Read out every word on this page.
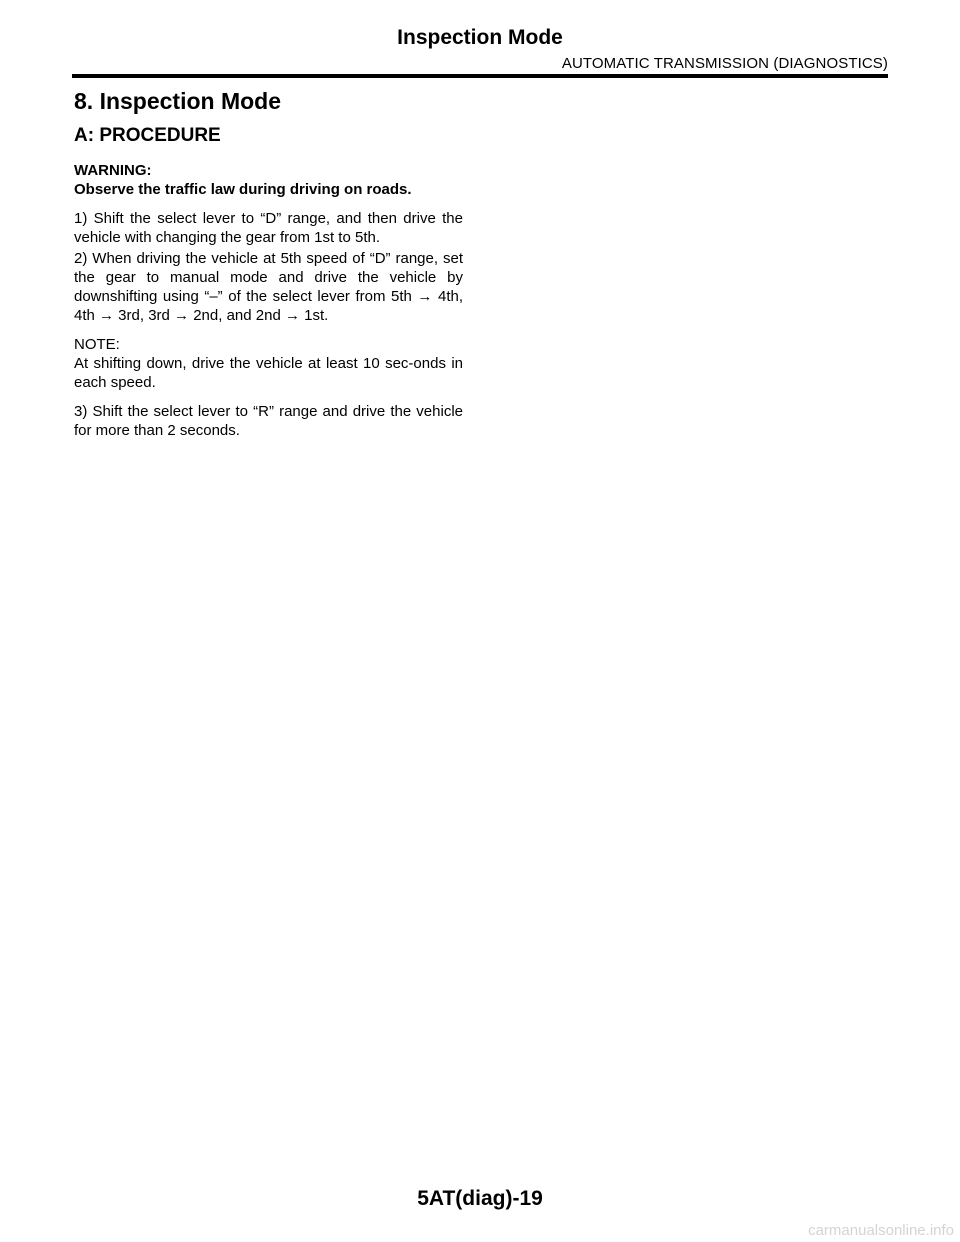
Inspection Mode
AUTOMATIC TRANSMISSION (DIAGNOSTICS)
8. Inspection Mode
A: PROCEDURE

WARNING:

Observe the traffic law during driving on roads.

1) Shift the select lever to “D” range, and then drive the vehicle with changing the gear from 1st to 5th.

2) When driving the vehicle at 5th speed of “D” range, set the gear to manual mode and drive the vehicle by downshifting using “–” of the select lever from 5th → 4th, 4th → 3rd, 3rd → 2nd, and 2nd → 1st.

NOTE:

At shifting down, drive the vehicle at least 10 sec-onds in each speed.

3) Shift the select lever to “R” range and drive the vehicle for more than 2 seconds.

5AT(diag)-19
carmanualsonline.info
